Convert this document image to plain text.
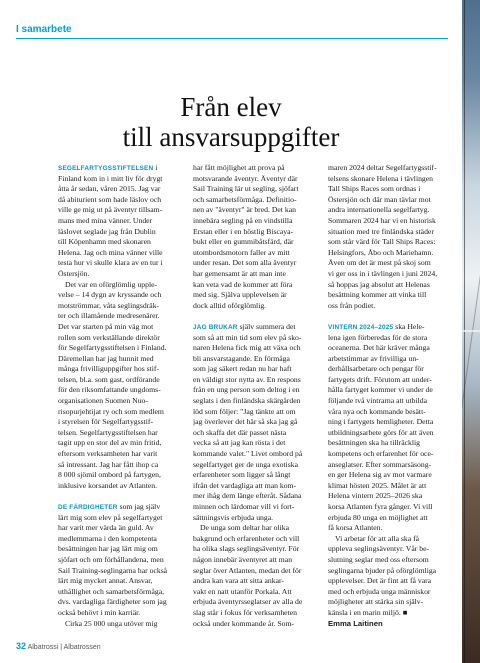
I samarbete
Från elev
till ansvarsuppgifter
SEGELFARTYGSSTIFTELSEN i
Finland kom in i mitt liv för drygt
åtta år sedan, våren 2015. Jag var
då abiturient som hade läslov och
ville ge mig ut på äventyr tillsam-
mans med mina vänner. Under
läslovet seglade jag från Dublin
till Köpenhamn med skonaren
Helena. Jag och mina vänner ville
testa hur vi skulle klara av en tur i
Östersjön.
Det var en oförglömlig upple-
velse – 14 dygn av kryssande och
motströmmar, våta seglingsdräk-
ter och illamående medresenärer.
Det var starten på min väg mot
rollen som verkställande direktör
för Segelfartygsstiftelsen i Finland.
Däremellan har jag hunnit med
många frivilliguppgifter hos stif-
telsen, bl.a. som gast, ordförande
för den riksomfattande ungdoms-
organisationen Suomen Nuo-
risopurjehtijat ry och som medlem
i styrelsen för Segelfartygsstif-
telsen. Segelfartygsstiftelsen har
tagit upp en stor del av min fritid,
eftersom verksamheten har varit
så intressant. Jag har fått ihop ca
8 000 sjömil ombord på fartygen,
inklusive korsandet av Atlanten.
DE FÄRDIGHETER som jag själv
lärt mig som elev på segelfartyget
har varit mer värda än guld. Av
medlemmarna i den kompetenta
besättningen har jag lärt mig om
sjöfart och om förhållandena, men
Sail Training-seglingarna har också
lärt mig mycket annat. Ansvar,
uthållighet och samarbetsförmåga,
dvs. vardagliga färdigheter som jag
också behövt i min karriär.
Cirka 25 000 unga utöver mig
har fått möjlighet att prova på
motsvarande äventyr. Äventyr där
Sail Training lär ut segling, sjöfart
och samarbetsförmåga. Definitio-
nen av "äventyr" är bred. Det kan
innebära segling på en vindstilla
Erstan eller i en höstlig Biscaya-
bukt eller en gummibåtsfärd, där
utombordsmotorn faller av mitt
under resan. Det som alla äventyr
har gemensamt är att man inte
kan veta vad de kommer att föra
med sig. Själva upplevelsen är
dock alltid oförglömlig.
JAG BRUKAR själv summera det
som så att min tid som elev på sko-
naren Helena fick mig att växa och
bli ansvarstagande. En förmåga
som jag säkert redan nu har haft
en väldigt stor nytta av. En respons
från en ung person som deltog i en
seglats i den finländska skärgården
löd som följer: "Jag tänkte att om
jag överlever det här så ska jag gå
och skaffa det där passet nästa
vecka så att jag kan rösta i det
kommande valet." Livet ombord på
segelfartyget ger de unga exotiska
erfarenheter som ligger så långt
ifrån det vardagliga att man kom-
mer ihåg dem länge efteråt. Sådana
minnen och lärdomar vill vi fort-
sättningsvis erbjuda unga.
De unga som deltar har olika
bakgrund och erfarenheter och vill
ha olika slags seglingsäventyr. För
någon innebär äventyret att man
seglar över Atlanten, medan det för
andra kan vara att sitta ankar-
vakt en natt utanför Porkala. Att
erbjuda äventyrsseglatser av alla de
slag står i fokus för verksamheten
också under kommande år. Som-
maren 2024 deltar Segelfartygsstif-
telsens skonare Helena i tävlingen
Tall Ships Races som ordnas i
Östersjön och där man tävlar mot
andra internationella segelfartyg.
Sommaren 2024 har vi en historisk
situation med tre finländska städer
som står värd för Tall Ships Races:
Helsingfors, Åbo och Mariehamn.
Även om det är mest på skoj som
vi ger oss in i tävlingen i juni 2024,
så hoppas jag absolut att Helenas
besättning kommer att vinka till
oss från podiet.
VINTERN 2024–2025 ska Hele-
lena igen förberedas för de stora
oceanerna. Det här kräver många
arbetstimmar av frivilliga un-
derhållsarbetare och pengar för
fartygets drift. Förutom att under-
hålla fartyget kommer vi under de
följande två vintrarna att utbilda
våra nya och kommande besätt-
ning i fartygets hemligheter. Detta
utbildningsarbete görs för att även
besättningen ska ha tillräcklig
kompetens och erfarenhet för oce-
anseglatser. Efter sommarsäsong-
en ger Helena sig av mot varmare
klimat hösten 2025. Målet är att
Helena vintern 2025–2026 ska
korsa Atlanten fyra gånger. Vi vill
erbjuda 80 unga en möjlighet att
få korsa Atlanten.
Vi arbetar för att alla ska få
uppleva seglingsäventyr. Vår be-
slutning seglar med oss eftersom
seglingarna bjuder på oförglömliga
upplevelser. Det är fint att få vara
med och erbjuda unga människor
möjligheter att stärka sin själv-
känsla i en marin miljö. ■
Emma Laitinen
32 Albatrossi | Albatrossen
